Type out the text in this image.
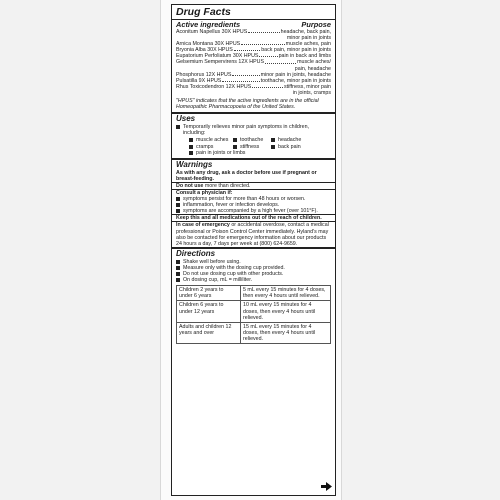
Drug Facts
Active ingredients	Purpose
Aconitum Napellus 30X HPUS	headache, back pain,
minor pain in joints
Arnica Montana 30X HPUS	muscle aches, pain
Bryonia Alba 30X HPUS	back pain, minor pain in joints
Eupatorium Perfoliatum 30X HPUS	pain in back and limbs
Gelsemium Sempervirens 12X HPUS	muscle aches/
pain, headache
Phosphorus 12X HPUS	minor pain in joints, headache
Pulsatilla 9X HPUS	toothache, minor pain in joints
Rhus Toxicodendron 12X HPUS	stiffness, minor pain
in joints, cramps
"HPUS" indicates that the active ingredients are in the official Homeopathic Pharmacopoeia of the United States.
Uses
Temporarily relieves minor pain symptoms in children, including:
muscle aches toothache	headache
cramps	stiffness	back pain
pain in joints or limbs
Warnings
As with any drug, ask a doctor before use if pregnant or breast-feeding.
Do not use more than directed.
Consult a physician if:
symptoms persist for more than 48 hours or worsen.
inflammation, fever or infection develops.
symptoms are accompanied by a high fever (over 101°F).
Keep this and all medications out of the reach of children.
In case of emergency or accidental overdose, contact a medical professional or Poison Control Center immediately. Hyland's may also be contacted for emergency information about our products 24 hours a day, 7 days per week at (800) 624-9659.
Directions
Shake well before using.
Measure only with the dosing cup provided.
Do not use dosing cup with other products.
On dosing cup, mL = milliliter.
Children 2 years to under 6 years	5 mL every 15 minutes for 4 doses, then every 4 hours until relieved.
Children 6 years to under 12 years	10 mL every 15 minutes for 4 doses, then every 4 hours until relieved.
Adults and children 12 years and over	15 mL every 15 minutes for 4 doses, then every 4 hours until relieved.
